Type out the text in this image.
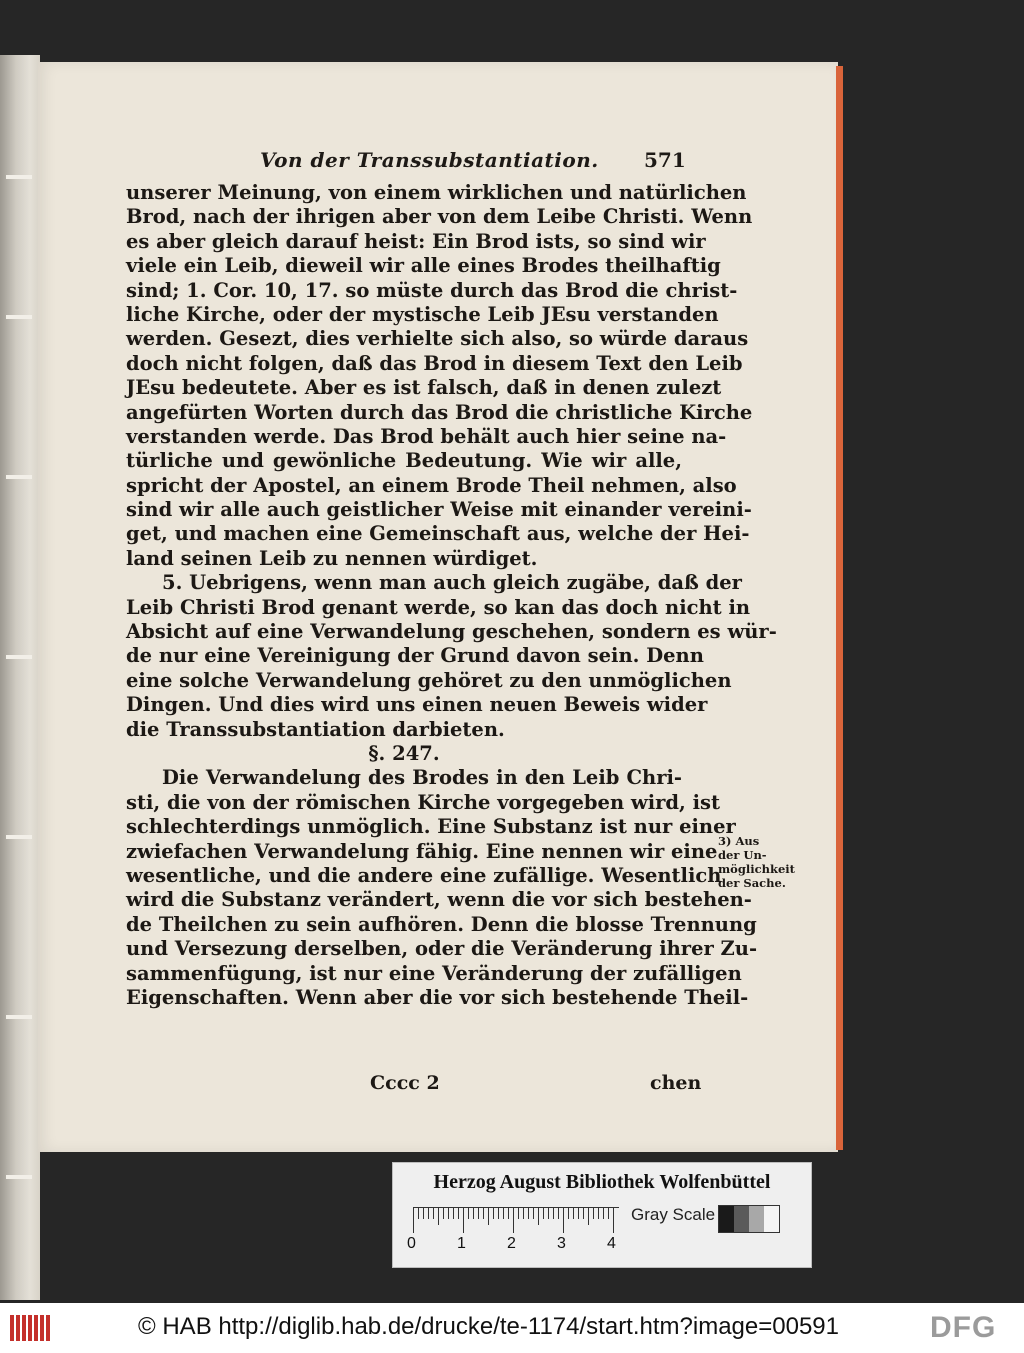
Von der Transsubstantiation. 571
unserer Meinung, von einem wirklichen und natürlichen
Brod, nach der ihrigen aber von dem Leibe Christi. Wenn
es aber gleich darauf heist: Ein Brod ists, so sind wir
viele ein Leib, dieweil wir alle eines Brodes theilhaftig
sind; 1. Cor. 10, 17. so müste durch das Brod die christ-
liche Kirche, oder der mystische Leib JEsu verstanden
werden. Gesezt, dies verhielte sich also, so würde daraus
doch nicht folgen, daß das Brod in diesem Text den Leib
JEsu bedeutete. Aber es ist falsch, daß in denen zulezt
angefürten Worten durch das Brod die christliche Kirche
verstanden werde. Das Brod behält auch hier seine na-
türliche und gewönliche Bedeutung. Wie wir alle,
spricht der Apostel, an einem Brode Theil nehmen, also
sind wir alle auch geistlicher Weise mit einander vereini-
get, und machen eine Gemeinschaft aus, welche der Hei-
land seinen Leib zu nennen würdiget.
5. Uebrigens, wenn man auch gleich zugäbe, daß der
Leib Christi Brod genant werde, so kan das doch nicht in
Absicht auf eine Verwandelung geschehen, sondern es wür-
de nur eine Vereinigung der Grund davon sein. Denn
eine solche Verwandelung gehöret zu den unmöglichen
Dingen. Und dies wird uns einen neuen Beweis wider
die Transsubstantiation darbieten.
§. 247.
Die Verwandelung des Brodes in den Leib Chri-
sti, die von der römischen Kirche vorgegeben wird, ist
schlechterdings unmöglich. Eine Substanz ist nur einer
zwiefachen Verwandelung fähig. Eine nennen wir eine
wesentliche, und die andere eine zufällige. Wesentlich
wird die Substanz verändert, wenn die vor sich bestehen-
de Theilchen zu sein aufhören. Denn die blosse Trennung
und Versezung derselben, oder die Veränderung ihrer Zu-
sammenfügung, ist nur eine Veränderung der zufälligen
Eigenschaften. Wenn aber die vor sich bestehende Theil-
Cccc 2	chen
3) Aus
der Un-
möglichkeit
der Sache.
Herzog August Bibliothek Wolfenbüttel
0	1	2	3	4
Gray Scale
© HAB http://diglib.hab.de/drucke/te-1174/start.htm?image=00591	DFG
